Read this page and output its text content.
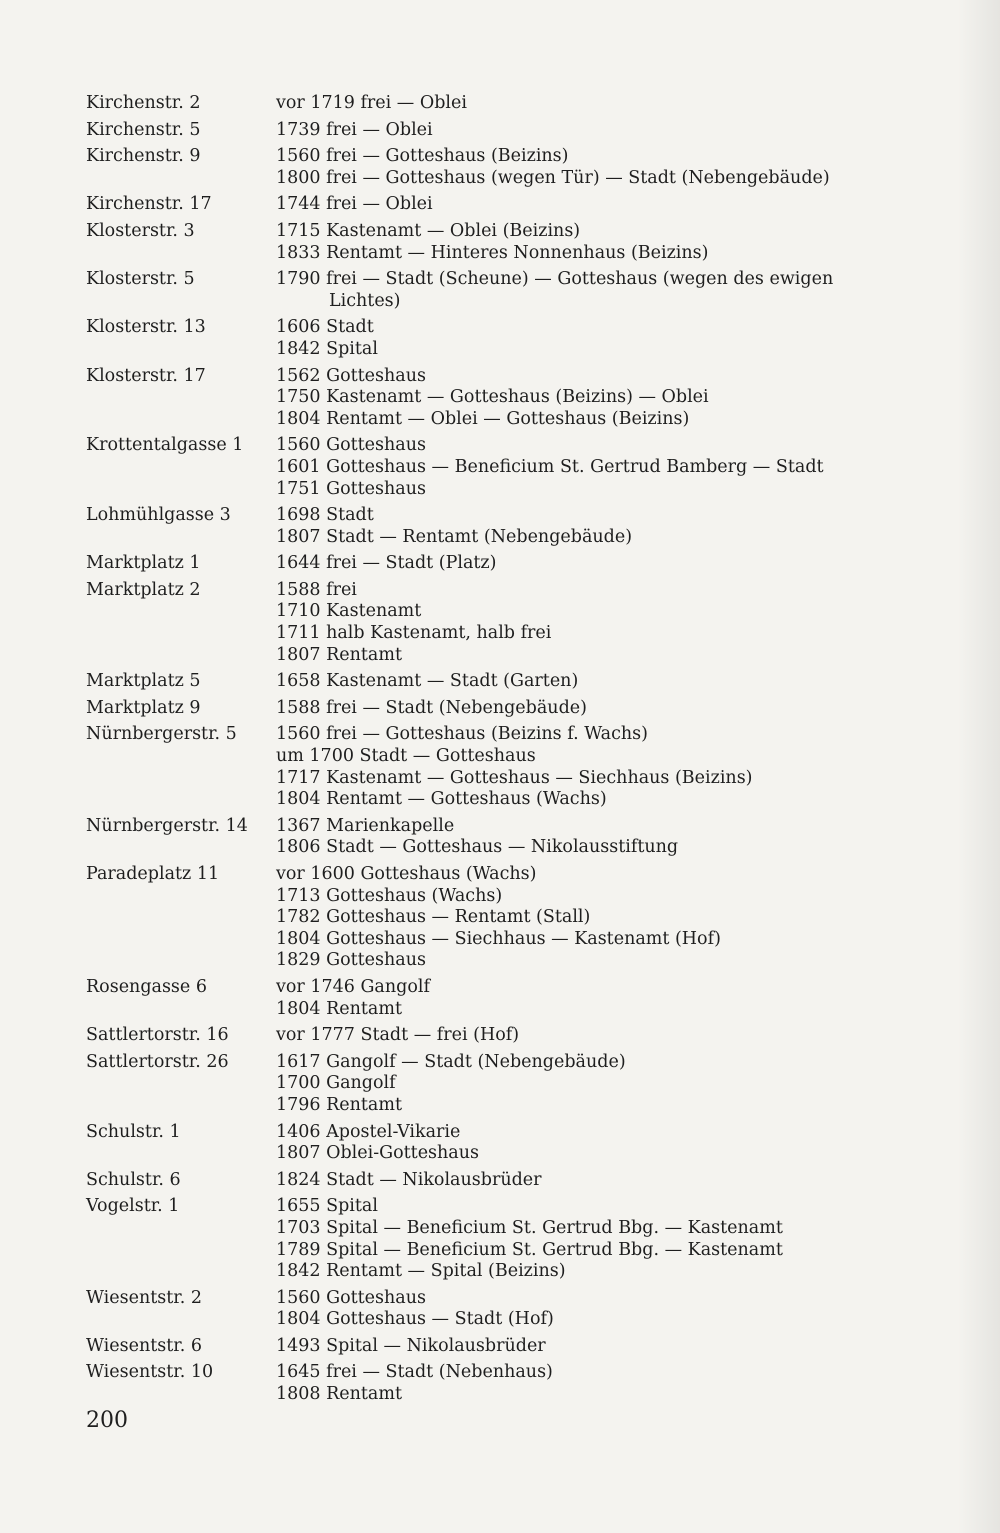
Kirchenstr. 2	vor 1719 frei — Oblei
Kirchenstr. 5	1739 frei — Oblei
Kirchenstr. 9	1560 frei — Gotteshaus (Beizins)
1800 frei — Gotteshaus (wegen Tür) — Stadt (Nebengebäude)
Kirchenstr. 17	1744 frei — Oblei
Klosterstr. 3	1715 Kastenamt — Oblei (Beizins)
1833 Rentamt — Hinteres Nonnenhaus (Beizins)
Klosterstr. 5	1790 frei — Stadt (Scheune) — Gotteshaus (wegen des ewigen
Lichtes)
Klosterstr. 13	1606 Stadt
1842 Spital
Klosterstr. 17	1562 Gotteshaus
1750 Kastenamt — Gotteshaus (Beizins) — Oblei
1804 Rentamt — Oblei — Gotteshaus (Beizins)
Krottentalgasse 1	1560 Gotteshaus
1601 Gotteshaus — Beneficium St. Gertrud Bamberg — Stadt
1751 Gotteshaus
Lohmühlgasse 3	1698 Stadt
1807 Stadt — Rentamt (Nebengebäude)
Marktplatz 1	1644 frei — Stadt (Platz)
Marktplatz 2	1588 frei
1710 Kastenamt
1711 halb Kastenamt, halb frei
1807 Rentamt
Marktplatz 5	1658 Kastenamt — Stadt (Garten)
Marktplatz 9	1588 frei — Stadt (Nebengebäude)
Nürnbergerstr. 5	1560 frei — Gotteshaus (Beizins f. Wachs)
um 1700 Stadt — Gotteshaus
1717 Kastenamt — Gotteshaus — Siechhaus (Beizins)
1804 Rentamt — Gotteshaus (Wachs)
Nürnbergerstr. 14	1367 Marienkapelle
1806 Stadt — Gotteshaus — Nikolausstiftung
Paradeplatz 11	vor 1600 Gotteshaus (Wachs)
1713 Gotteshaus (Wachs)
1782 Gotteshaus — Rentamt (Stall)
1804 Gotteshaus — Siechhaus — Kastenamt (Hof)
1829 Gotteshaus
Rosengasse 6	vor 1746 Gangolf
1804 Rentamt
Sattlertorstr. 16	vor 1777 Stadt — frei (Hof)
Sattlertorstr. 26	1617 Gangolf — Stadt (Nebengebäude)
1700 Gangolf
1796 Rentamt
Schulstr. 1	1406 Apostel-Vikarie
1807 Oblei-Gotteshaus
Schulstr. 6	1824 Stadt — Nikolausbrüder
Vogelstr. 1	1655 Spital
1703 Spital — Beneficium St. Gertrud Bbg. — Kastenamt
1789 Spital — Beneficium St. Gertrud Bbg. — Kastenamt
1842 Rentamt — Spital (Beizins)
Wiesentstr. 2	1560 Gotteshaus
1804 Gotteshaus — Stadt (Hof)
Wiesentstr. 6	1493 Spital — Nikolausbrüder
Wiesentstr. 10	1645 frei — Stadt (Nebenhaus)
1808 Rentamt
200
